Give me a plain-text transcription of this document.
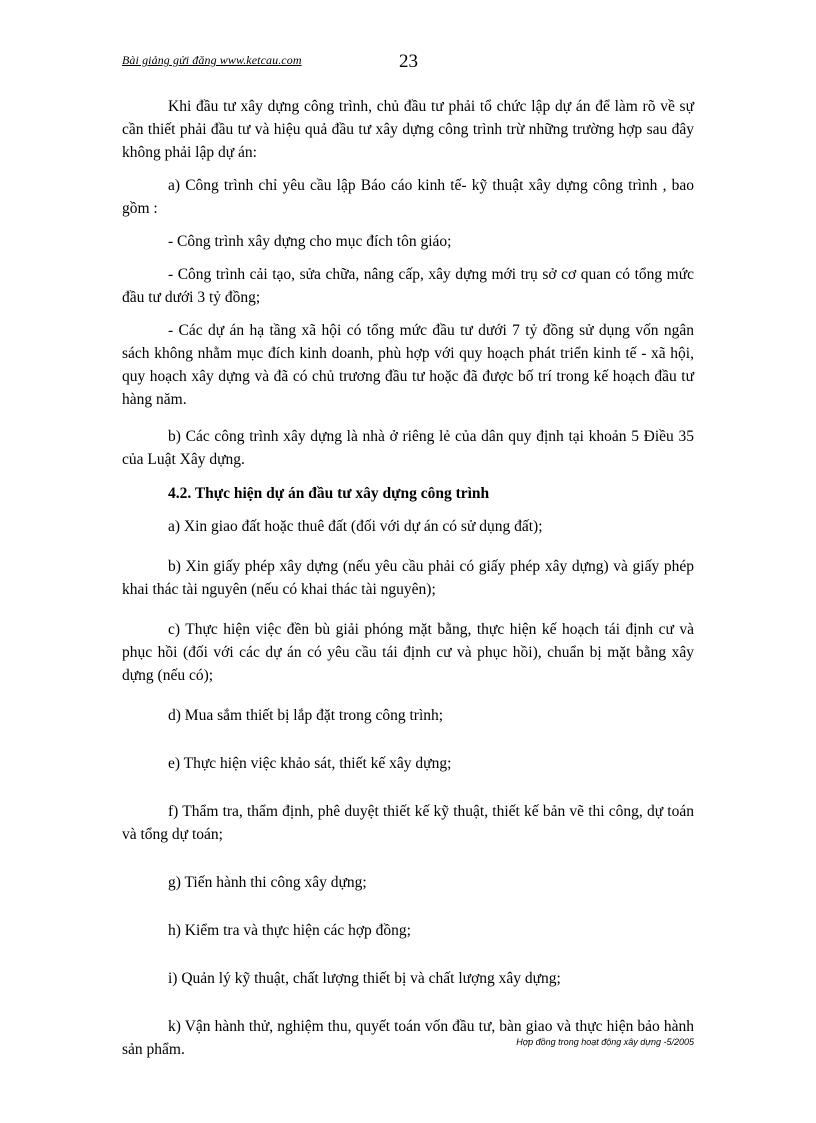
Bài giảng gửi đăng www.ketcau.com	23

Khi đầu tư xây dựng công trình, chủ đầu tư phải tổ chức lập dự án để làm rõ về sự cần thiết phải đầu tư và hiệu quả đầu tư xây dựng công trình trừ những trường hợp sau đây không phải lập dự án:

a) Công trình chỉ yêu cầu lập Báo cáo kinh tế- kỹ thuật xây dựng công trình , bao gồm :

- Công trình xây dựng cho mục đích tôn giáo;

- Công trình cải tạo, sửa chữa, nâng cấp, xây dựng mới trụ sở cơ quan có tổng mức đầu tư dưới 3 tỷ đồng;

- Các dự án hạ tầng xã hội có tổng mức đầu tư dưới 7 tỷ đồng sử dụng vốn ngân sách không nhằm mục đích kinh doanh, phù hợp với quy hoạch phát triển kinh tế - xã hội, quy hoạch xây dựng và đã có chủ trương đầu tư hoặc đã được bố trí trong kế hoạch đầu tư hàng năm.

b) Các công trình xây dựng là nhà ở riêng lẻ của dân quy định tại khoản 5 Điều 35 của Luật Xây dựng.

4.2. Thực hiện dự án đầu tư xây dựng công trình

a) Xin giao đất hoặc thuê đất (đối với dự án có sử dụng đất);

b) Xin giấy phép xây dựng (nếu yêu cầu phải có giấy phép xây dựng) và giấy phép khai thác tài nguyên (nếu có khai thác tài nguyên);

c) Thực hiện việc đền bù giải phóng mặt bằng, thực hiện kế hoạch tái định cư và phục hồi (đối với các dự án có yêu cầu tái định cư và phục hồi), chuẩn bị mặt bằng xây dựng (nếu có);

d) Mua sắm thiết bị lắp đặt trong công trình;

e) Thực hiện việc khảo sát, thiết kế xây dựng;

f) Thẩm tra, thẩm định, phê duyệt thiết kế kỹ thuật, thiết kế bản vẽ thi công, dự toán và tổng dự toán;

g) Tiến hành thi công xây dựng;

h) Kiểm tra và thực hiện các hợp đồng;

i) Quản lý kỹ thuật, chất lượng thiết bị và chất lượng xây dựng;

k) Vận hành thử, nghiệm thu, quyết toán vốn đầu tư, bàn giao và thực hiện bảo hành sản phẩm.	Hợp đồng trong hoạt động xây dựng -5/2005
